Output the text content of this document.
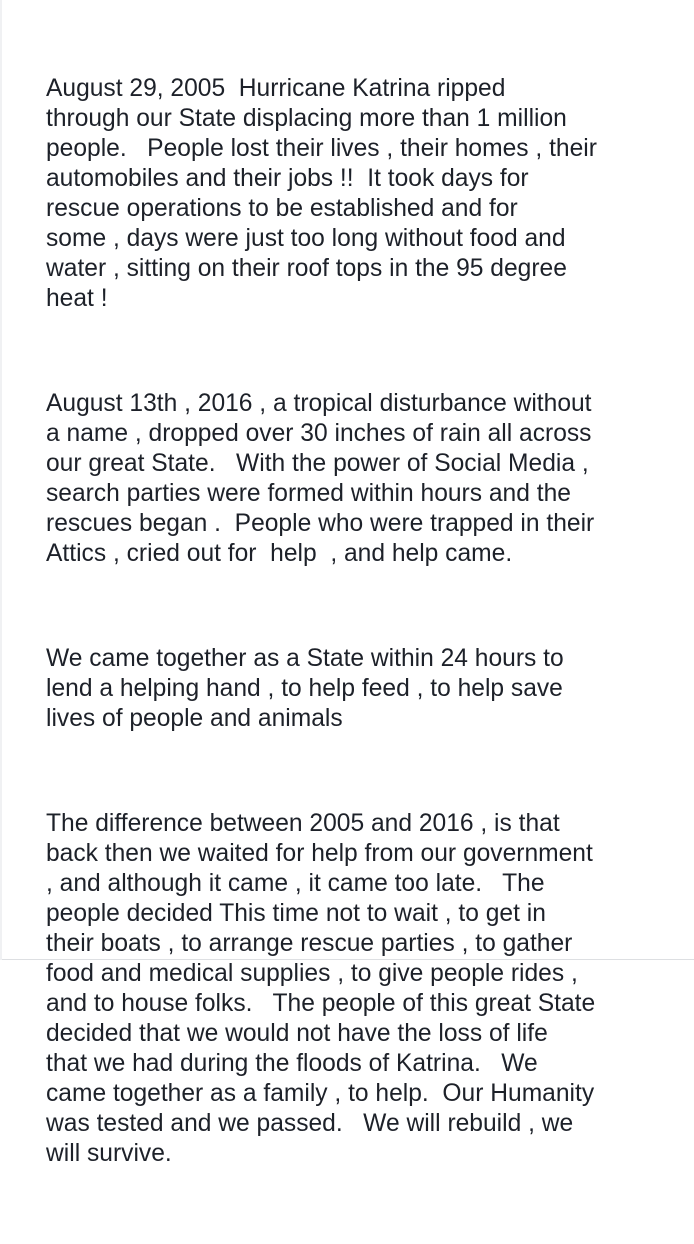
August 29, 2005  Hurricane Katrina ripped
through our State displacing more than 1 million
people.   People lost their lives , their homes , their
automobiles and their jobs !!  It took days for
rescue operations to be established and for
some , days were just too long without food and
water , sitting on their roof tops in the 95 degree
heat !

August 13th , 2016 , a tropical disturbance without
a name , dropped over 30 inches of rain all across
our great State.   With the power of Social Media ,
search parties were formed within hours and the
rescues began .  People who were trapped in their
Attics , cried out for  help  , and help came.

We came together as a State within 24 hours to
lend a helping hand , to help feed , to help save
lives of people and animals

The difference between 2005 and 2016 , is that
back then we waited for help from our government
, and although it came , it came too late.   The
people decided This time not to wait , to get in
their boats , to arrange rescue parties , to gather
food and medical supplies , to give people rides ,
and to house folks.   The people of this great State
decided that we would not have the loss of life
that we had during the floods of Katrina.   We
came together as a family , to help.  Our Humanity
was tested and we passed.   We will rebuild , we
will survive.
